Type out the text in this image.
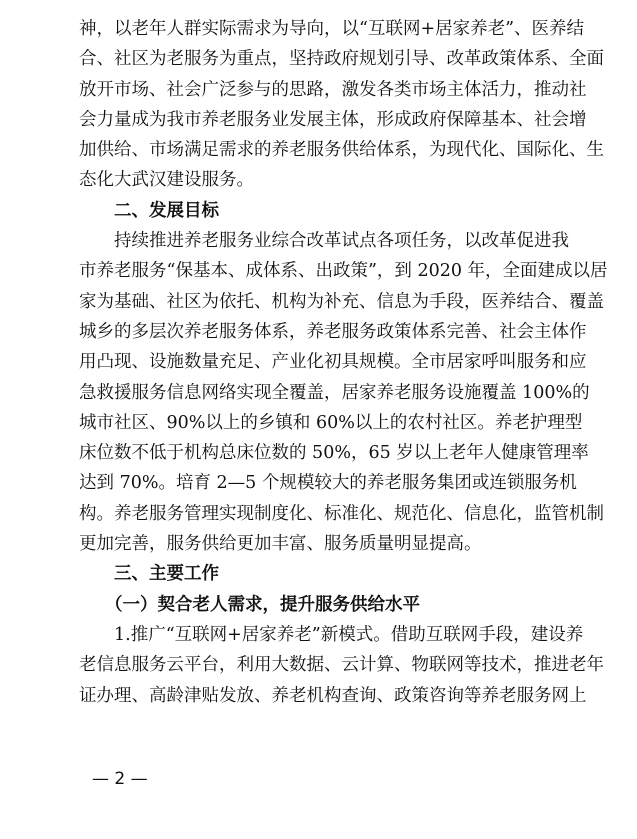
神，以老年人群实际需求为导向，以“互联网+居家养老”、医养结
合、社区为老服务为重点，坚持政府规划引导、改革政策体系、全面
放开市场、社会广泛参与的思路，激发各类市场主体活力，推动社
会力量成为我市养老服务业发展主体，形成政府保障基本、社会增
加供给、市场满足需求的养老服务供给体系，为现代化、国际化、生
态化大武汉建设服务。
二、发展目标
持续推进养老服务业综合改革试点各项任务，以改革促进我
市养老服务“保基本、成体系、出政策”，到 2020 年，全面建成以居
家为基础、社区为依托、机构为补充、信息为手段，医养结合、覆盖
城乡的多层次养老服务体系，养老服务政策体系完善、社会主体作
用凸现、设施数量充足、产业化初具规模。全市居家呼叫服务和应
急救援服务信息网络实现全覆盖，居家养老服务设施覆盖 100%的
城市社区、90%以上的乡镇和 60%以上的农村社区。养老护理型
床位数不低于机构总床位数的 50%，65 岁以上老年人健康管理率
达到 70%。培育 2—5 个规模较大的养老服务集团或连锁服务机
构。养老服务管理实现制度化、标准化、规范化、信息化，监管机制
更加完善，服务供给更加丰富、服务质量明显提高。
三、主要工作
（一）契合老人需求，提升服务供给水平
1.推广“互联网+居家养老”新模式。借助互联网手段，建设养
老信息服务云平台，利用大数据、云计算、物联网等技术，推进老年
证办理、高龄津贴发放、养老机构查询、政策咨询等养老服务网上
— 2 —
